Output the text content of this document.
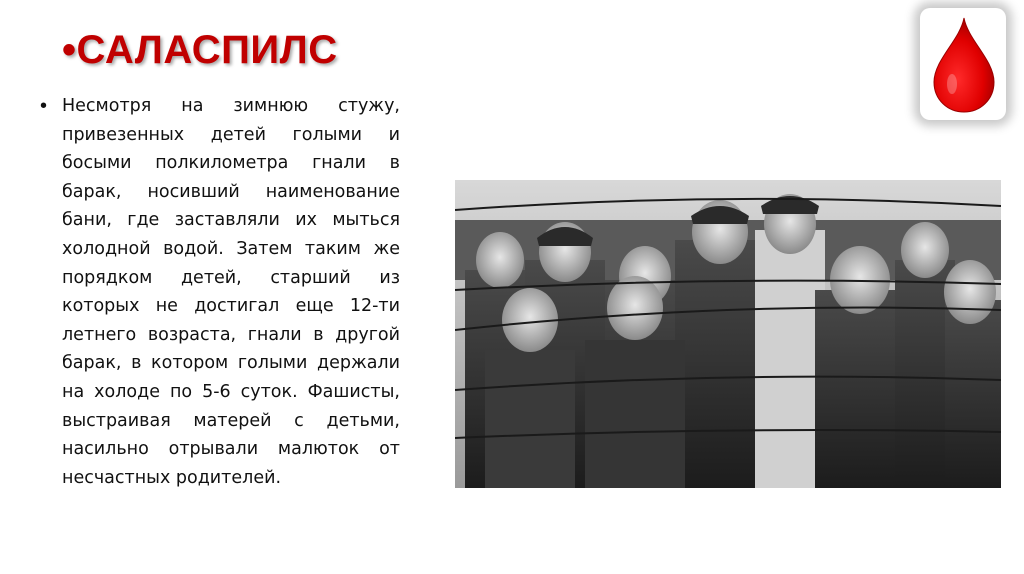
•САЛАСПИЛС
• Несмотря на зимнюю стужу, привезенных детей голыми и босыми полкилометра гнали в барак, носивший наименование бани, где заставляли их мыться холодной водой. Затем таким же порядком детей, старший из которых не достигал еще 12-ти летнего возраста, гнали в другой барак, в котором голыми держали на холоде по 5-6 суток. Фашисты, выстраивая матерей с детьми, насильно отрывали малюток от несчастных родителей.
